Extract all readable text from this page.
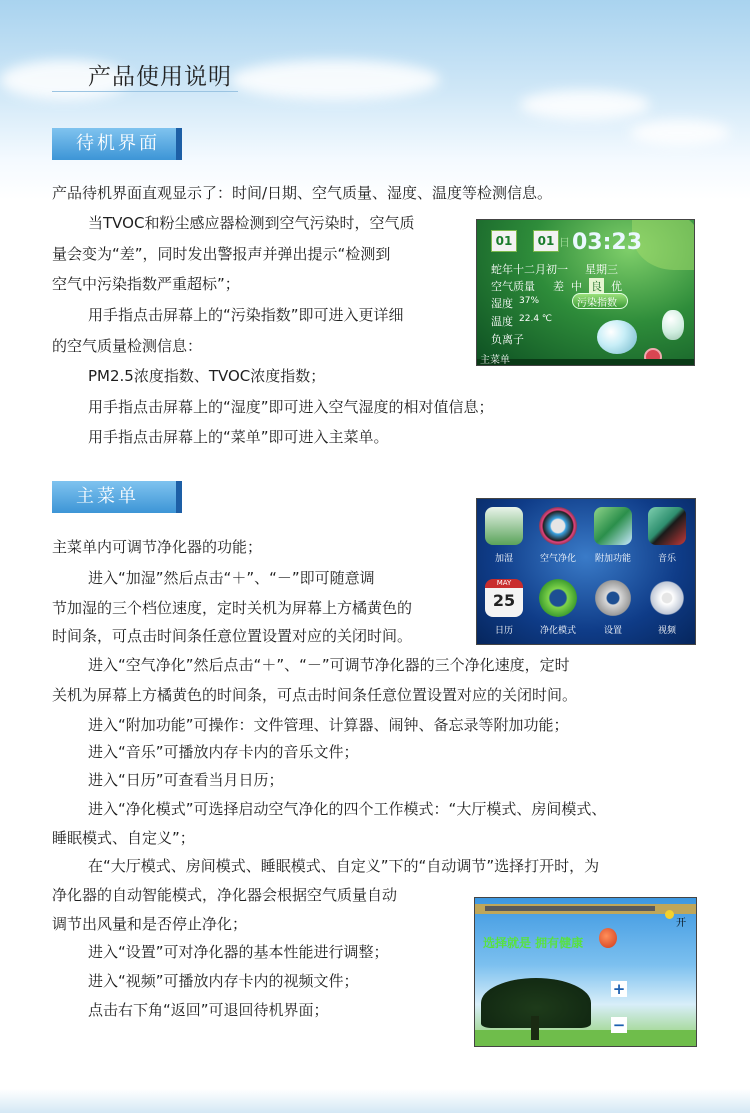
产品使用说明
待机界面
产品待机界面直观显示了：时间/日期、空气质量、湿度、温度等检测信息。
当TVOC和粉尘感应器检测到空气污染时，空气质
量会变为“差”，同时发出警报声并弹出提示“检测到
空气中污染指数严重超标”；
用手指点击屏幕上的“污染指数”即可进入更详细
的空气质量检测信息：
PM2.5浓度指数、TVOC浓度指数；
用手指点击屏幕上的“湿度”即可进入空气湿度的相对值信息；
用手指点击屏幕上的“菜单”即可进入主菜单。
01	01 日 03:23
蛇年十二月初一 星期三
空气质量 差 中 良 优
湿度 37%	污染指数
温度 22.4 ℃
负离子
主菜单
主菜单
主菜单内可调节净化器的功能；
进入“加湿”然后点击“＋”、“－”即可随意调
节加湿的三个档位速度，定时关机为屏幕上方橘黄色的
时间条，可点击时间条任意位置设置对应的关闭时间。
进入“空气净化”然后点击“＋”、“－”可调节净化器的三个净化速度，定时
关机为屏幕上方橘黄色的时间条，可点击时间条任意位置设置对应的关闭时间。
进入“附加功能”可操作：文件管理、计算器、闹钟、备忘录等附加功能；
进入“音乐”可播放内存卡内的音乐文件；
进入“日历”可查看当月日历；
进入“净化模式”可选择启动空气净化的四个工作模式：“大厅模式、房间模式、
睡眠模式、自定义”；
在“大厅模式、房间模式、睡眠模式、自定义”下的“自动调节”选择打开时，为
净化器的自动智能模式，净化器会根据空气质量自动
调节出风量和是否停止净化；
进入“设置”可对净化器的基本性能进行调整；
进入“视频”可播放内存卡内的视频文件；
点击右下角“返回”可退回待机界面；
加湿	空气净化	附加功能	音乐
MAY
25
日历	净化模式	设置	视频
开
选择就是 拥有健康
+
−
